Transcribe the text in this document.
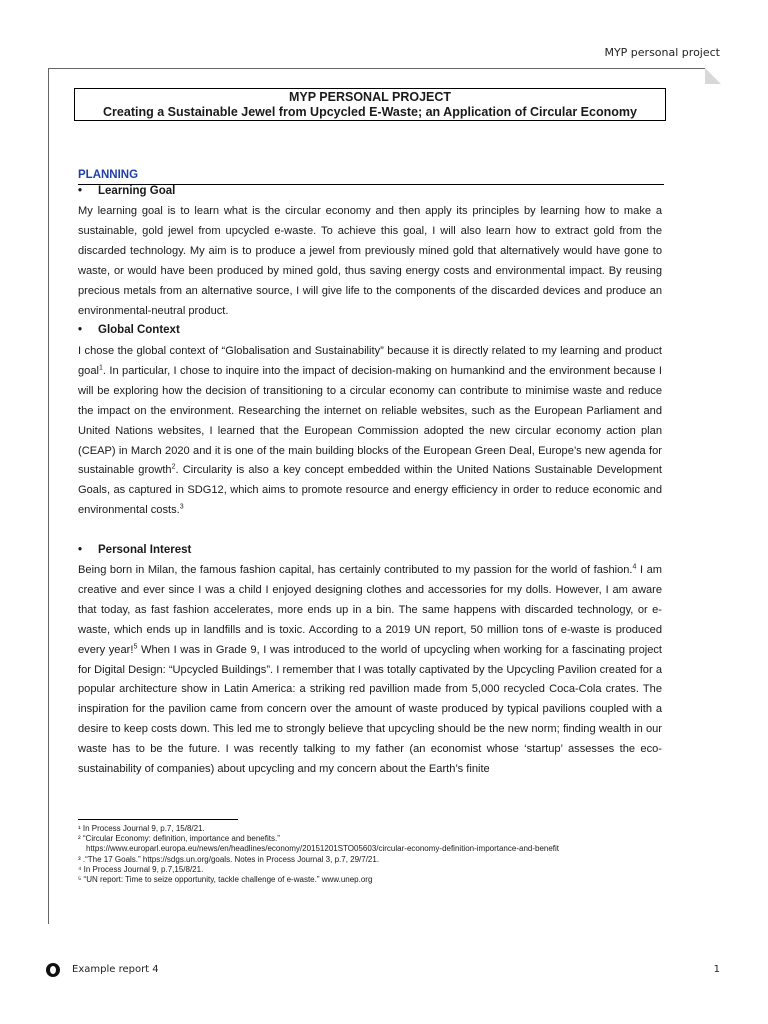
MYP personal project
MYP PERSONAL PROJECT
Creating a Sustainable Jewel from Upcycled E-Waste; an Application of Circular Economy
PLANNING
• Learning Goal
My learning goal is to learn what is the circular economy and then apply its principles by learning how to make a sustainable, gold jewel from upcycled e-waste. To achieve this goal, I will also learn how to extract gold from the discarded technology. My aim is to produce a jewel from previously mined gold that alternatively would have gone to waste, or would have been produced by mined gold, thus saving energy costs and environmental impact. By reusing precious metals from an alternative source, I will give life to the components of the discarded devices and produce an environmental-neutral product.
• Global Context
I chose the global context of “Globalisation and Sustainability” because it is directly related to my learning and product goal$^1$. In particular, I chose to inquire into the impact of decision-making on humankind and the environment because I will be exploring how the decision of transitioning to a circular economy can contribute to minimise waste and reduce the impact on the environment. Researching the internet on reliable websites, such as the European Parliament and United Nations websites, I learned that the European Commission adopted the new circular economy action plan (CEAP) in March 2020 and it is one of the main building blocks of the European Green Deal, Europe’s new agenda for sustainable growth$^2$. Circularity is also a key concept embedded within the United Nations Sustainable Development Goals, as captured in SDG12, which aims to promote resource and energy efficiency in order to reduce economic and environmental costs.$^3$
• Personal Interest
Being born in Milan, the famous fashion capital, has certainly contributed to my passion for the world of fashion.$^4$ I am creative and ever since I was a child I enjoyed designing clothes and accessories for my dolls. However, I am aware that today, as fast fashion accelerates, more ends up in a bin. The same happens with discarded technology, or e-waste, which ends up in landfills and is toxic. According to a 2019 UN report, 50 million tons of e-waste is produced every year!$^5$ When I was in Grade 9, I was introduced to the world of upcycling when working for a fascinating project for Digital Design: “Upcycled Buildings”. I remember that I was totally captivated by the Upcycling Pavilion created for a popular architecture show in Latin America: a striking red pavillion made from 5,000 recycled Coca-Cola crates. The inspiration for the pavilion came from concern over the amount of waste produced by typical pavilions coupled with a desire to keep costs down. This led me to strongly believe that upcycling should be the new norm; finding wealth in our waste has to be the future. I was recently talking to my father (an economist whose ‘startup’ assesses the eco-sustainability of companies) about upcycling and my concern about the Earth’s finite
¹ In Process Journal 9, p.7, 15/8/21.
² “Circular Economy: definition, importance and benefits.”
https://www.europarl.europa.eu/news/en/headlines/economy/20151201STO05603/circular-economy-definition-importance-and-benefit
³ .“The 17 Goals.” https://sdgs.un.org/goals. Notes in Process Journal 3, p.7, 29/7/21.
⁴ In Process Journal 9, p.7,15/8/21.
⁵ “UN report: Time to seize opportunity, tackle challenge of e-waste.” www.unep.org
Example report 4	1
